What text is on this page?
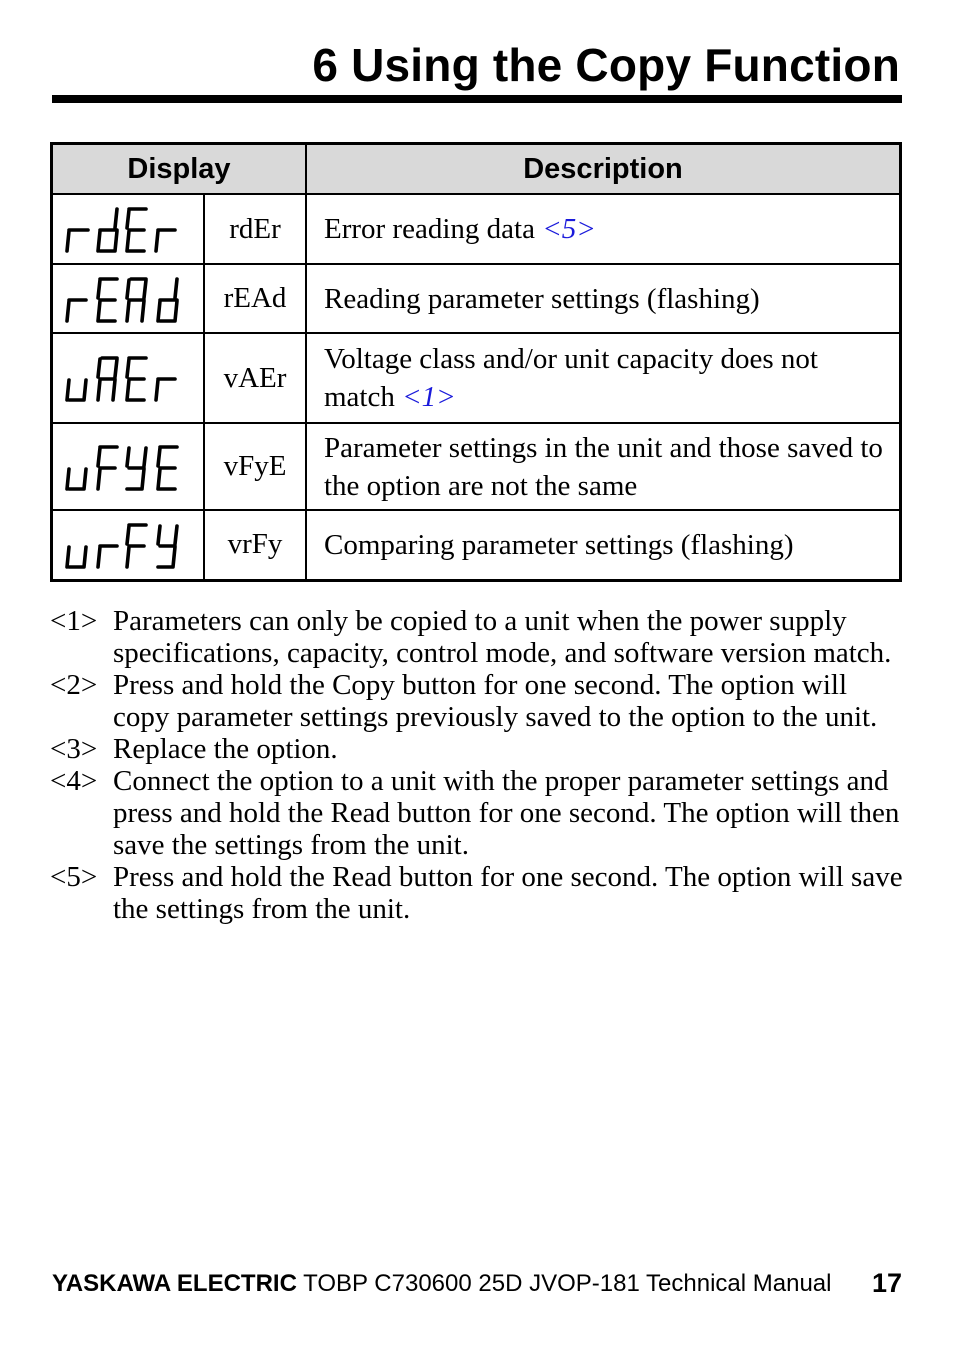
6 Using the Copy Function
Display		Description

	rdEr	Error reading data <5>

	rEAd	Reading parameter settings (flashing)

	vAEr	Voltage class and/or unit capacity does not match <1>

	vFyE	Parameter settings in the unit and those saved to the option are not the same

	vrFy	Comparing parameter settings (flashing)
<1> Parameters can only be copied to a unit when the power supply specifications, capacity, control mode, and software version match.
<2> Press and hold the Copy button for one second. The option will copy parameter settings previously saved to the option to the unit.
<3> Replace the option.
<4> Connect the option to a unit with the proper parameter settings and press and hold the Read button for one second. The option will then save the settings from the unit.
<5> Press and hold the Read button for one second. The option will save the settings from the unit.
YASKAWA ELECTRIC TOBP C730600 25D JVOP-181 Technical Manual 17
